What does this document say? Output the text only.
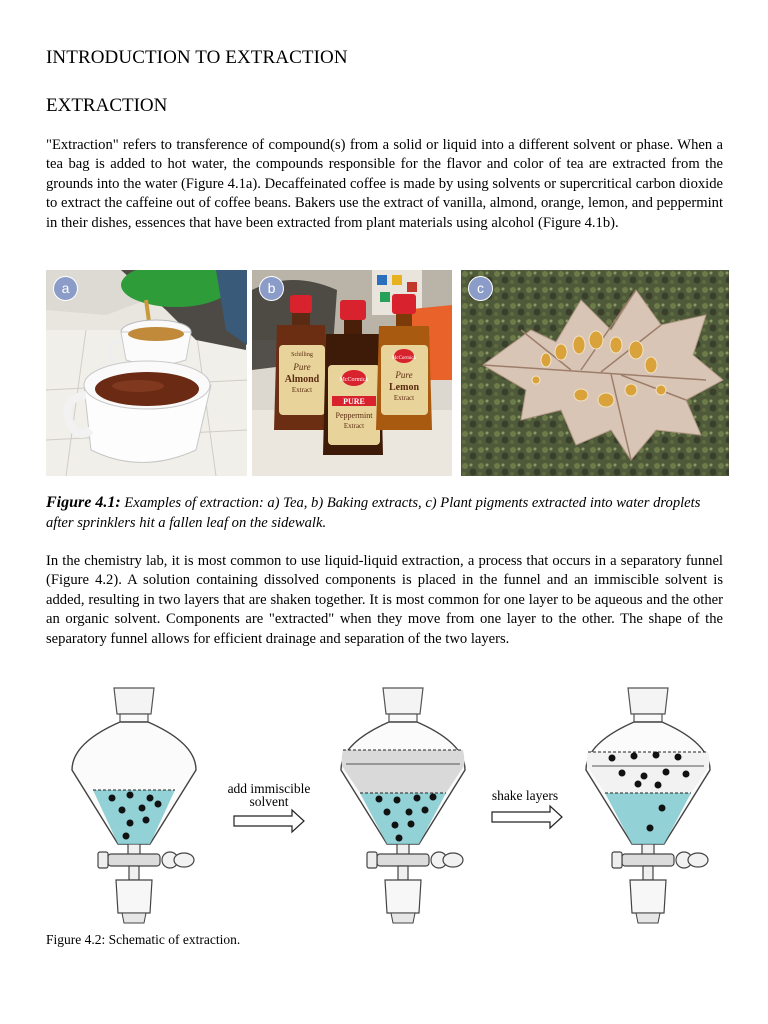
INTRODUCTION TO EXTRACTION
EXTRACTION
"Extraction" refers to transference of compound(s) from a solid or liquid into a different solvent or phase. When a tea bag is added to hot water, the compounds responsible for the flavor and color of tea are extracted from the grounds into the water (Figure 4.1a). Decaffeinated coffee is made by using solvents or supercritical carbon dioxide to extract the caffeine out of coffee beans. Bakers use the extract of vanilla, almond, orange, lemon, and peppermint in their dishes, essences that have been extracted from plant materials using alcohol (Figure 4.1b).
a
Schilling
Pure
Almond
Extract
McCormick
PURE
Peppermint
Extract
McCormick
Pure
Lemon
Extract
b	c
Figure 4.1: Examples of extraction: a) Tea, b) Baking extracts, c) Plant pigments extracted into water droplets after sprinklers hit a fallen leaf on the sidewalk.
In the chemistry lab, it is most common to use liquid-liquid extraction, a process that occurs in a separatory funnel (Figure 4.2). A solution containing dissolved components is placed in the funnel and an immiscible solvent is added, resulting in two layers that are shaken together. It is most common for one layer to be aqueous and the other an organic solvent. Components are "extracted" when they move from one layer to the other. The shape of the separatory funnel allows for efficient drainage and separation of the two layers.
add immiscible
solvent	shake layers
Figure 4.2: Schematic of extraction.
